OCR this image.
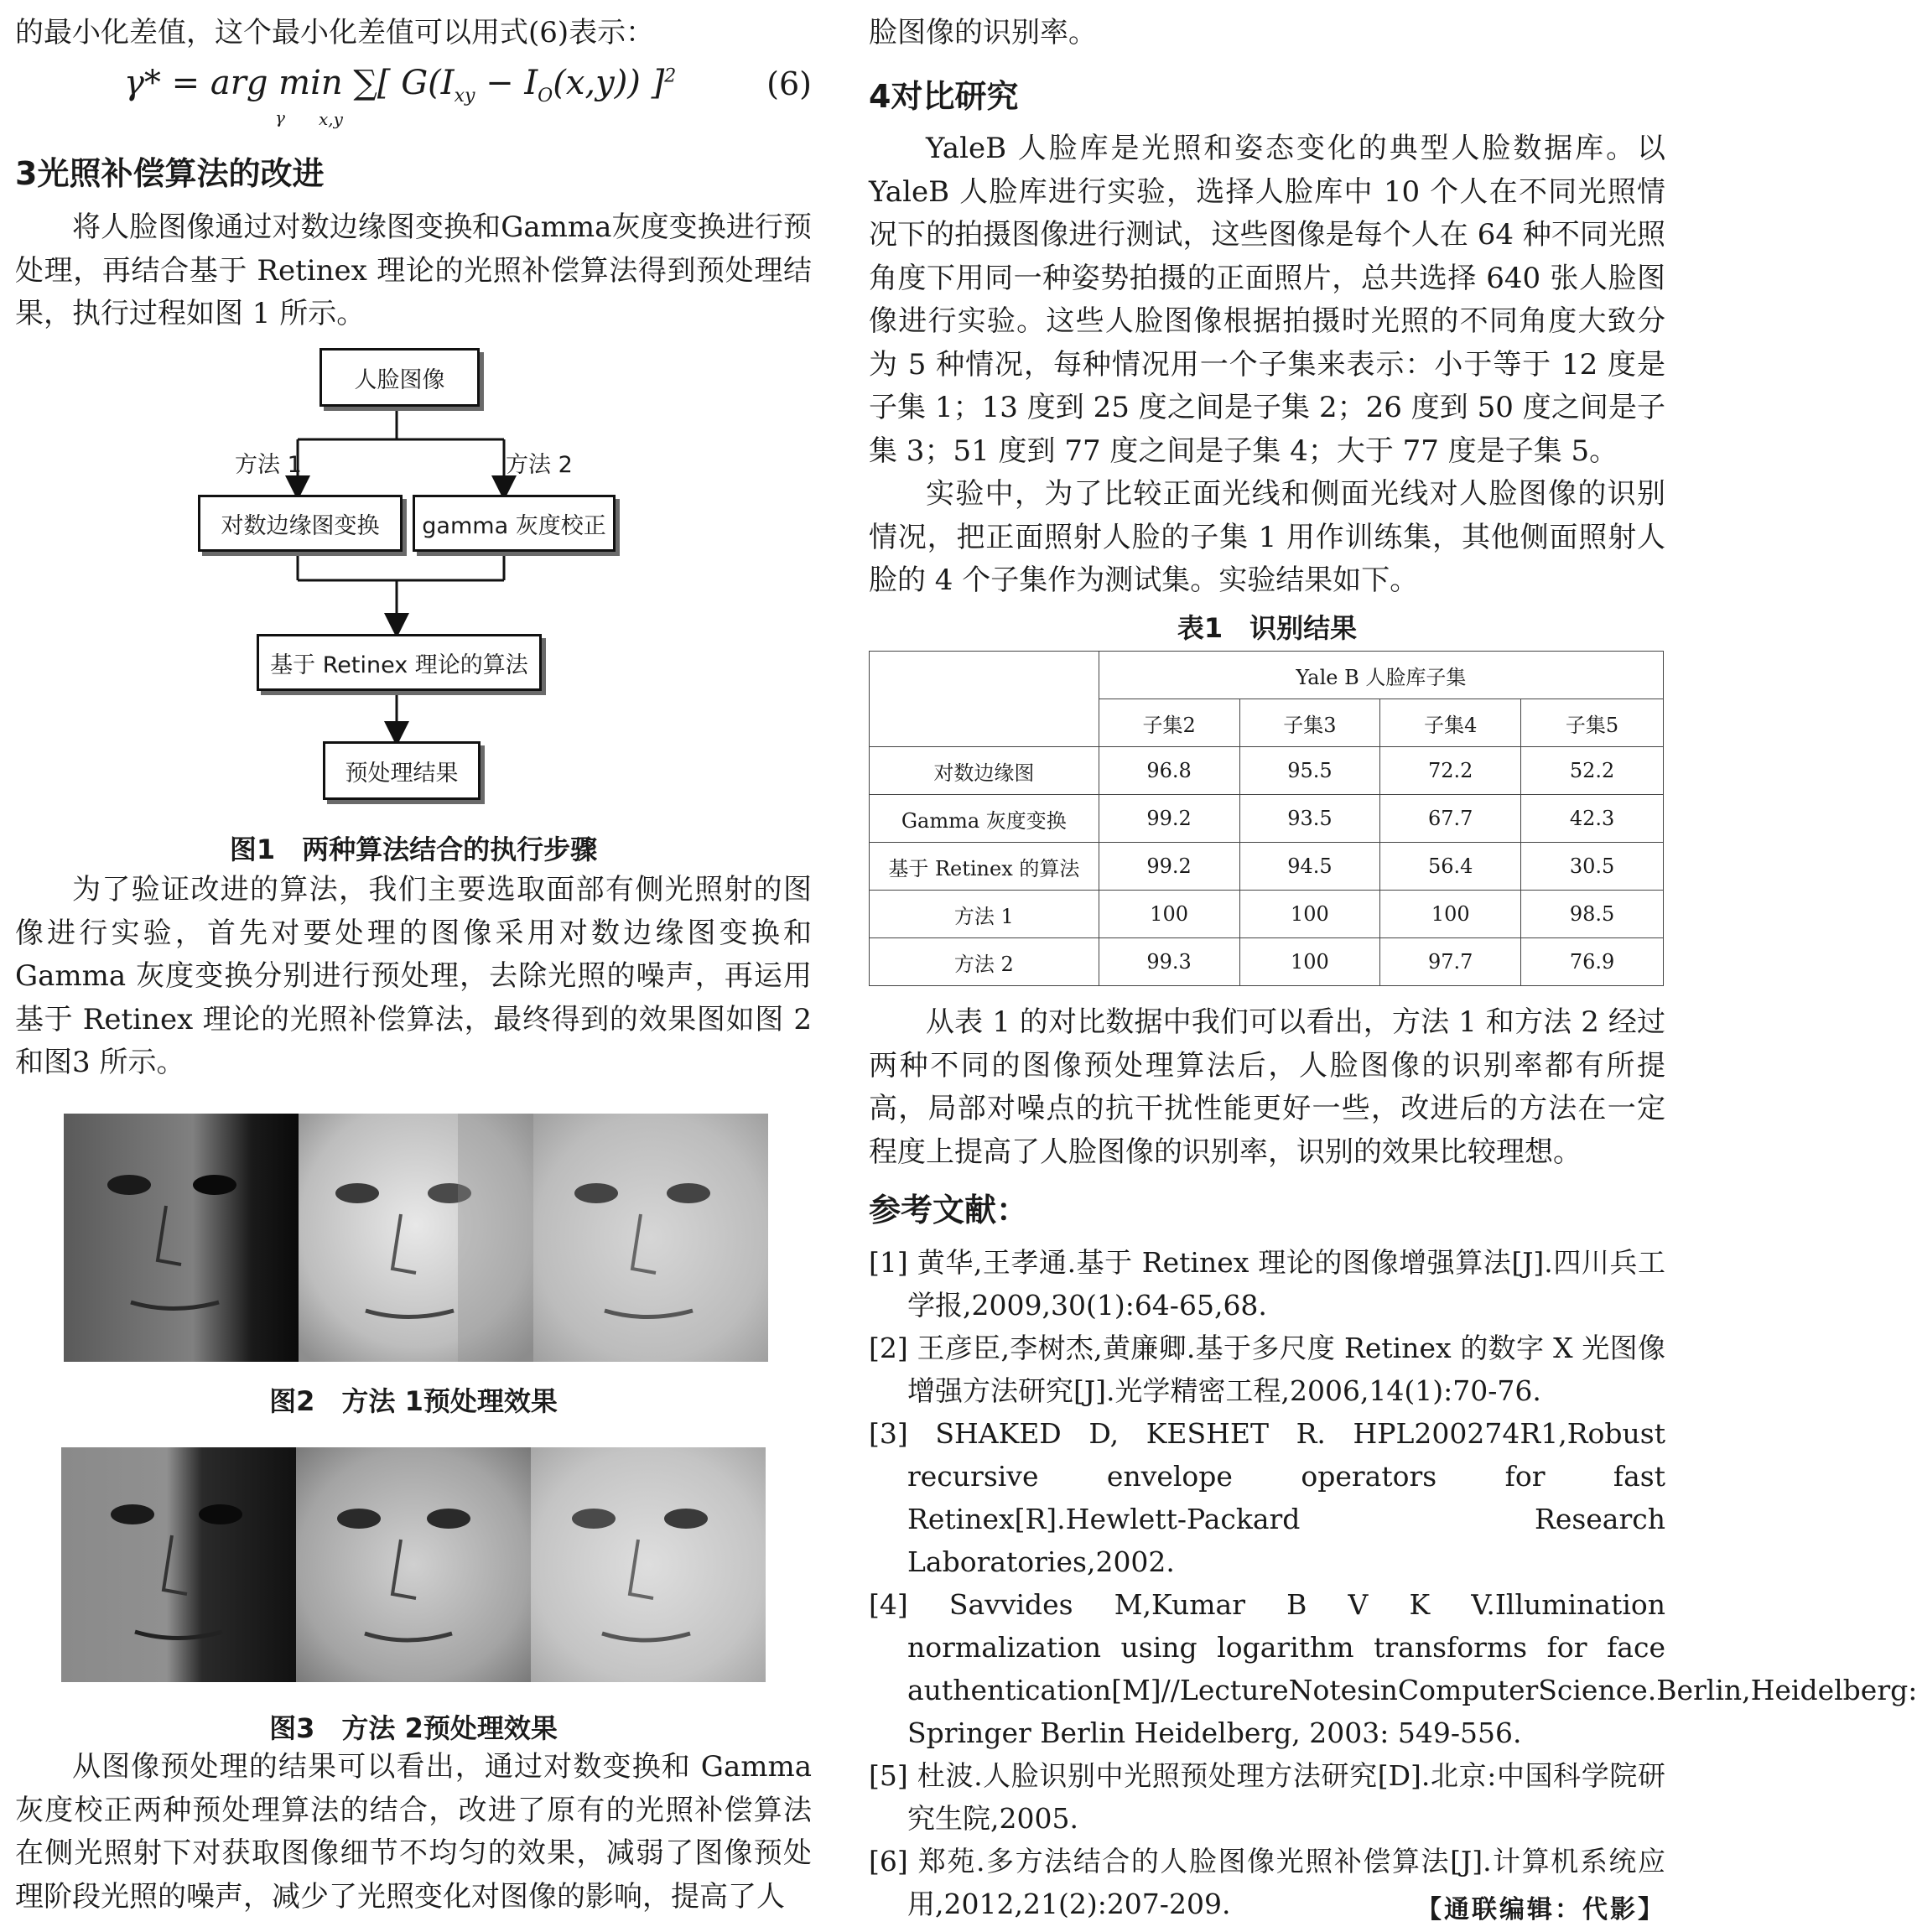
的最小化差值，这个最小化差值可以用式(6)表示：

γ* = arg min ∑[ $G(I_{xy} - I_O(x,y))$ ]$^2$
γ x,y
(6)
3光照补偿算法的改进

将人脸图像通过对数边缘图变换和Gamma灰度变换进行预处理，再结合基于 Retinex 理论的光照补偿算法得到预处理结果，执行过程如图 1 所示。

人脸图像
方法 1	方法 2
对数边缘图变换	gamma 灰度校正
基于 Retinex 理论的算法
预处理结果
图1　两种算法结合的执行步骤

为了验证改进的算法，我们主要选取面部有侧光照射的图像进行实验，首先对要处理的图像采用对数边缘图变换和Gamma 灰度变换分别进行预处理，去除光照的噪声，再运用基于 Retinex 理论的光照补偿算法，最终得到的效果图如图 2 和图3 所示。

图2　方法 1预处理效果
图3　方法 2预处理效果

从图像预处理的结果可以看出，通过对数变换和 Gamma 灰度校正两种预处理算法的结合，改进了原有的光照补偿算法在侧光照射下对获取图像细节不均匀的效果，减弱了图像预处理阶段光照的噪声，减少了光照变化对图像的影响，提高了人

脸图像的识别率。

4对比研究

YaleB 人脸库是光照和姿态变化的典型人脸数据库。以YaleB 人脸库进行实验，选择人脸库中 10 个人在不同光照情况下的拍摄图像进行测试，这些图像是每个人在 64 种不同光照角度下用同一种姿势拍摄的正面照片，总共选择 640 张人脸图像进行实验。这些人脸图像根据拍摄时光照的不同角度大致分为 5 种情况，每种情况用一个子集来表示：小于等于 12 度是子集 1；13 度到 25 度之间是子集 2；26 度到 50 度之间是子集 3；51 度到 77 度之间是子集 4；大于 77 度是子集 5。

实验中，为了比较正面光线和侧面光线对人脸图像的识别情况，把正面照射人脸的子集 1 用作训练集，其他侧面照射人脸的 4 个子集作为测试集。实验结果如下。

表1　识别结果
	Yale B 人脸库子集			
	子集2	子集3	子集4	子集5
对数边缘图	96.8	95.5	72.2	52.2
Gamma 灰度变换	99.2	93.5	67.7	42.3
基于 Retinex 的算法	99.2	94.5	56.4	30.5
方法 1	100	100	100	98.5
方法 2	99.3	100	97.7	76.9

从表 1 的对比数据中我们可以看出，方法 1 和方法 2 经过两种不同的图像预处理算法后，人脸图像的识别率都有所提高，局部对噪点的抗干扰性能更好一些，改进后的方法在一定程度上提高了人脸图像的识别率，识别的效果比较理想。

参考文献：

[1] 黄华,王孝通.基于 Retinex 理论的图像增强算法[J].四川兵工学报,2009,30(1):64-65,68.

[2] 王彦臣,李树杰,黄廉卿.基于多尺度 Retinex 的数字 X 光图像增强方法研究[J].光学精密工程,2006,14(1):70-76.

[3] SHAKED D, KESHET R. HPL200274R1,Robust recursive envelope operators for fast Retinex[R].Hewlett-Packard Research Laboratories,2002.

[4] Savvides M,Kumar B V K V.Illumination normalization using logarithm transforms for face authentication[M]//LectureNotesinComputerScience.Berlin,Heidelberg: Springer Berlin Heidelberg, 2003: 549-556.

[5] 杜波.人脸识别中光照预处理方法研究[D].北京:中国科学院研究生院,2005.

[6] 郑苑.多方法结合的人脸图像光照补偿算法[J].计算机系统应用,2012,21(2):207-209.	【通联编辑：代影】
